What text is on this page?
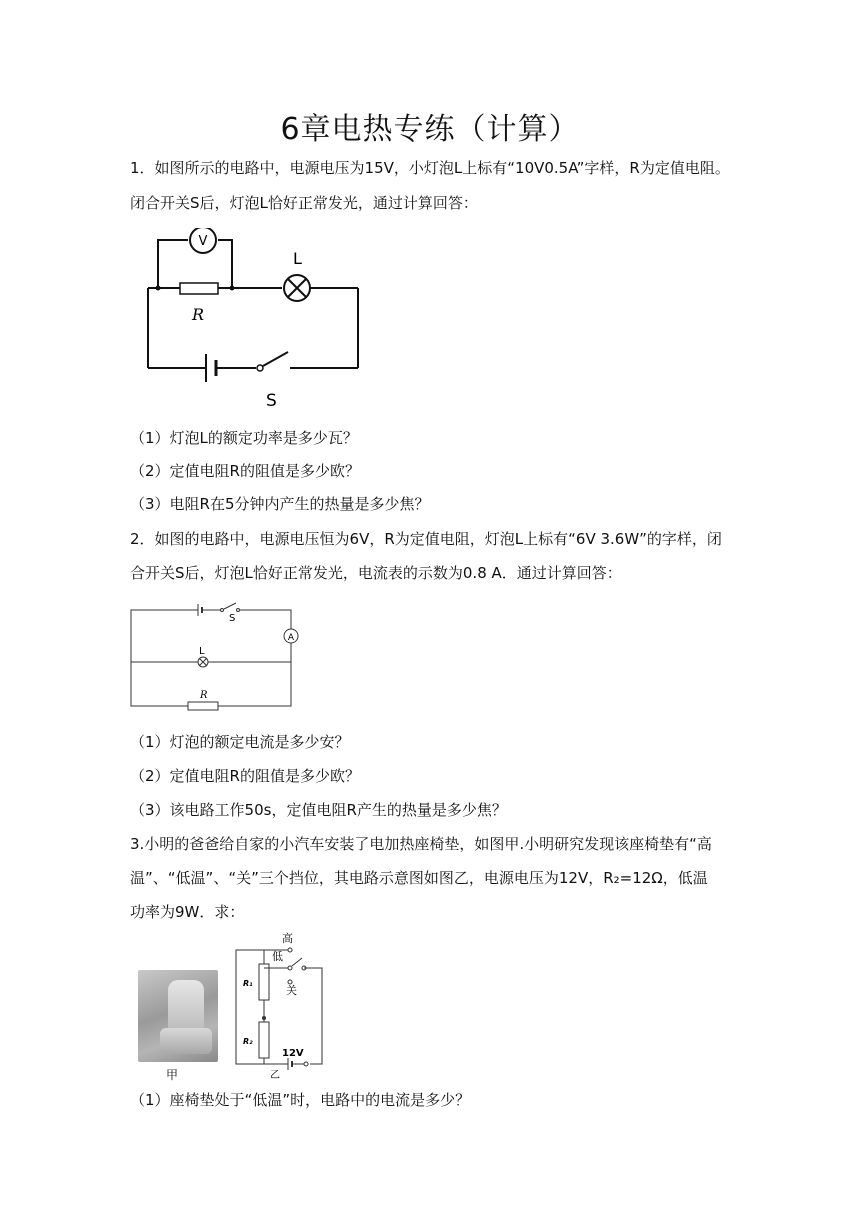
6章电热专练（计算）
1．如图所示的电路中，电源电压为15V，小灯泡L上标有“10V0.5A”字样，R为定值电阻。
闭合开关S后，灯泡L恰好正常发光，通过计算回答：
V
L
R
S
（1）灯泡L的额定功率是多少瓦？
（2）定值电阻R的阻值是多少欧？
（3）电阻R在5分钟内产生的热量是多少焦？
2．如图的电路中，电源电压恒为6V，R为定值电阻，灯泡L上标有“6V 3.6W”的字样，闭
合开关S后，灯泡L恰好正常发光，电流表的示数为0.8 A．通过计算回答：
A
S
L
R
（1）灯泡的额定电流是多少安？
（2）定值电阻R的阻值是多少欧？
（3）该电路工作50s，定值电阻R产生的热量是多少焦？
3.小明的爸爸给自家的小汽车安装了电加热座椅垫，如图甲.小明研究发现该座椅垫有“高
温”、“低温”、“关”三个挡位，其电路示意图如图乙，电源电压为12V，R₂=12Ω，低温
功率为9W．求：
甲
高
低
关
R₁
R₂
12V
乙
（1）座椅垫处于“低温”时，电路中的电流是多少？
